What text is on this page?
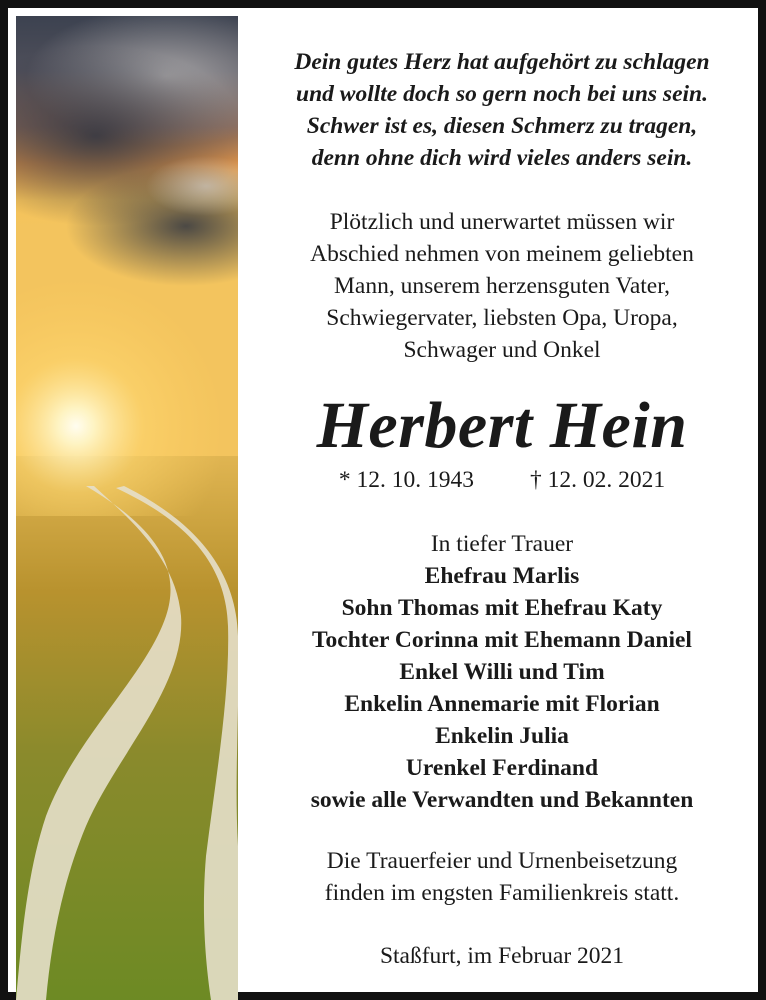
Dein gutes Herz hat aufgehört zu schlagen
und wollte doch so gern noch bei uns sein.
Schwer ist es, diesen Schmerz zu tragen,
denn ohne dich wird vieles anders sein.
Plötzlich und unerwartet müssen wir
Abschied nehmen von meinem geliebten
Mann, unserem herzensguten Vater,
Schwiegervater, liebsten Opa, Uropa,
Schwager und Onkel
Herbert Hein
* 12. 10. 1943 † 12. 02. 2021
In tiefer Trauer
Ehefrau Marlis
Sohn Thomas mit Ehefrau Katy
Tochter Corinna mit Ehemann Daniel
Enkel Willi und Tim
Enkelin Annemarie mit Florian
Enkelin Julia
Urenkel Ferdinand
sowie alle Verwandten und Bekannten
Die Trauerfeier und Urnenbeisetzung
finden im engsten Familienkreis statt.
Staßfurt, im Februar 2021
